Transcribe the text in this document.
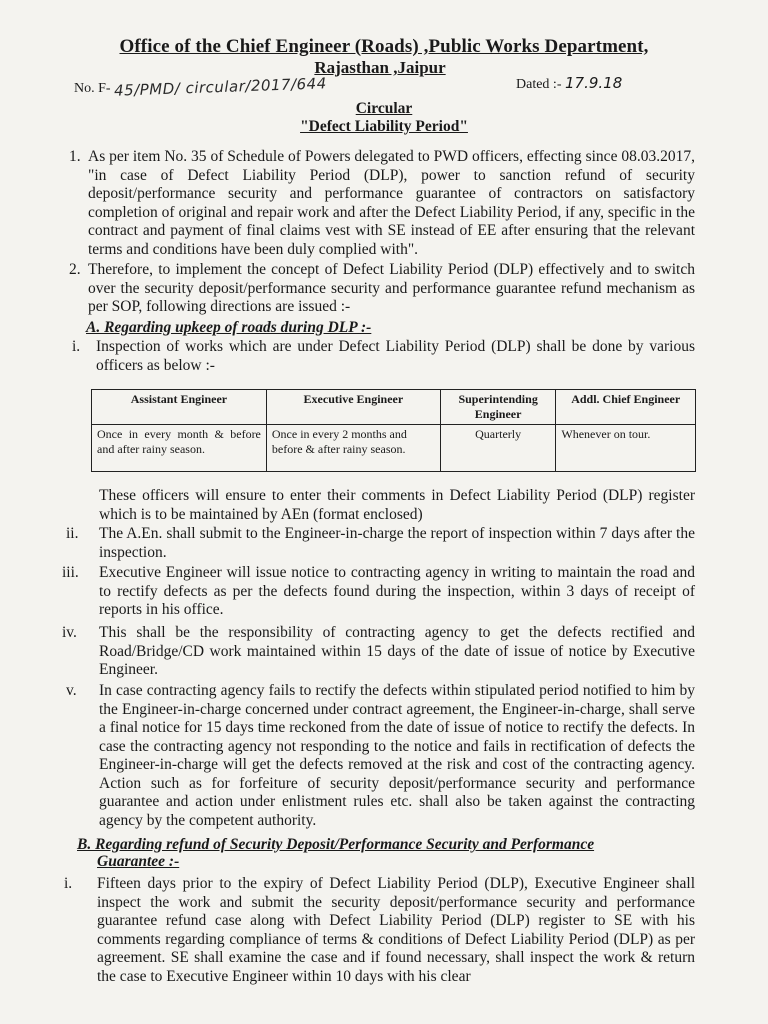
Office of the Chief Engineer (Roads) ,Public Works Department,
Rajasthan ,Jaipur
No. F- 45/PMD/ circular/2017/644	Dated :- 17.9.18
Circular
"Defect Liability Period"
1. As per item No. 35 of Schedule of Powers delegated to PWD officers, effecting since 08.03.2017, "in case of Defect Liability Period (DLP), power to sanction refund of security deposit/performance security and performance guarantee of contractors on satisfactory completion of original and repair work and after the Defect Liability Period, if any, specific in the contract and payment of final claims vest with SE instead of EE after ensuring that the relevant terms and conditions have been duly complied with".
2. Therefore, to implement the concept of Defect Liability Period (DLP) effectively and to switch over the security deposit/performance security and performance guarantee refund mechanism as per SOP, following directions are issued :-
A. Regarding upkeep of roads during DLP :-
i. Inspection of works which are under Defect Liability Period (DLP) shall be done by various officers as below :-
Assistant Engineer	Executive Engineer	Superintending Engineer	Addl. Chief Engineer
Once in every month & before and after rainy season.	Once in every 2 months and before & after rainy season.	Quarterly	Whenever on tour.
These officers will ensure to enter their comments in Defect Liability Period (DLP) register which is to be maintained by AEn (format enclosed)
ii. The A.En. shall submit to the Engineer-in-charge the report of inspection within 7 days after the inspection.
iii. Executive Engineer will issue notice to contracting agency in writing to maintain the road and to rectify defects as per the defects found during the inspection, within 3 days of receipt of reports in his office.
iv. This shall be the responsibility of contracting agency to get the defects rectified and Road/Bridge/CD work maintained within 15 days of the date of issue of notice by Executive Engineer.
v. In case contracting agency fails to rectify the defects within stipulated period notified to him by the Engineer-in-charge concerned under contract agreement, the Engineer-in-charge, shall serve a final notice for 15 days time reckoned from the date of issue of notice to rectify the defects. In case the contracting agency not responding to the notice and fails in rectification of defects the Engineer-in-charge will get the defects removed at the risk and cost of the contracting agency. Action such as for forfeiture of security deposit/performance security and performance guarantee and action under enlistment rules etc. shall also be taken against the contracting agency by the competent authority.
B. Regarding refund of Security Deposit/Performance Security and Performance
Guarantee :-
i. Fifteen days prior to the expiry of Defect Liability Period (DLP), Executive Engineer shall inspect the work and submit the security deposit/performance security and performance guarantee refund case along with Defect Liability Period (DLP) register to SE with his comments regarding compliance of terms & conditions of Defect Liability Period (DLP) as per agreement. SE shall examine the case and if found necessary, shall inspect the work & return the case to Executive Engineer within 10 days with his clear
